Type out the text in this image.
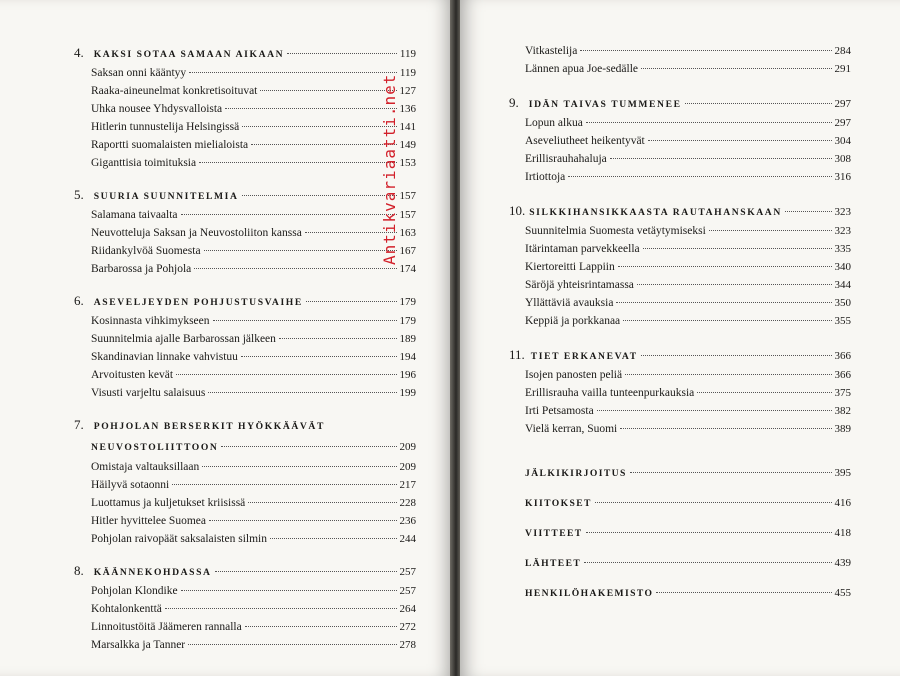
4. KAKSI SOTAA SAMAAN AIKAAN	119
Saksan onni kääntyy	119
Raaka-aineunelmat konkretisoituvat	127
Uhka nousee Yhdysvalloista	136
Hitlerin tunnustelija Helsingissä	141
Raportti suomalaisten mielialoista	149
Giganttisia toimituksia	153
5. SUURIA SUUNNITELMIA	157
Salamana taivaalta	157
Neuvotteluja Saksan ja Neuvostoliiton kanssa	163
Riidankylvöä Suomesta	167
Barbarossa ja Pohjola	174
6. ASEVELJEYDEN POHJUSTUSVAIHE	179
Kosinnasta vihkimykseen	179
Suunnitelmia ajalle Barbarossan jälkeen	189
Skandinavian linnake vahvistuu	194
Arvoitusten kevät	196
Visusti varjeltu salaisuus	199
7. POHJOLAN BERSERKIT HYÖKKÄÄVÄT
NEUVOSTOLIITTOON	209
Omistaja valtauksillaan	209
Häilyvä sotaonni	217
Luottamus ja kuljetukset kriisissä	228
Hitler hyvittelee Suomea	236
Pohjolan raivopäät saksalaisten silmin	244
8. KÄÄNNEKOHDASSA	257
Pohjolan Klondike	257
Kohtalonkenttä	264
Linnoitustöitä Jäämeren rannalla	272
Marsalkka ja Tanner	278
Antikvariaatti.net
Vitkastelija	284
Lännen apua Joe-sedälle	291
9. IDÄN TAIVAS TUMMENEE	297
Lopun alkua	297
Aseveliutheet heikentyvät	304
Erillisrauhahaluja	308
Irtiottoja	316
10. SILKKIHANSIKKAASTA RAUTAHANSKAAN	323
Suunnitelmia Suomesta vetäytymiseksi	323
Itärintaman parvekkeella	335
Kiertoreitti Lappiin	340
Säröjä yhteisrintamassa	344
Yllättäviä avauksia	350
Keppiä ja porkkanaa	355
11. TIET ERKANEVAT	366
Isojen panosten peliä	366
Erillisrauha vailla tunteenpurkauksia	375
Irti Petsamosta	382
Vielä kerran, Suomi	389
JÄLKIKIRJOITUS	395
KIITOKSET	416
VIITTEET	418
LÄHTEET	439
HENKILÖHAKEMISTO	455
